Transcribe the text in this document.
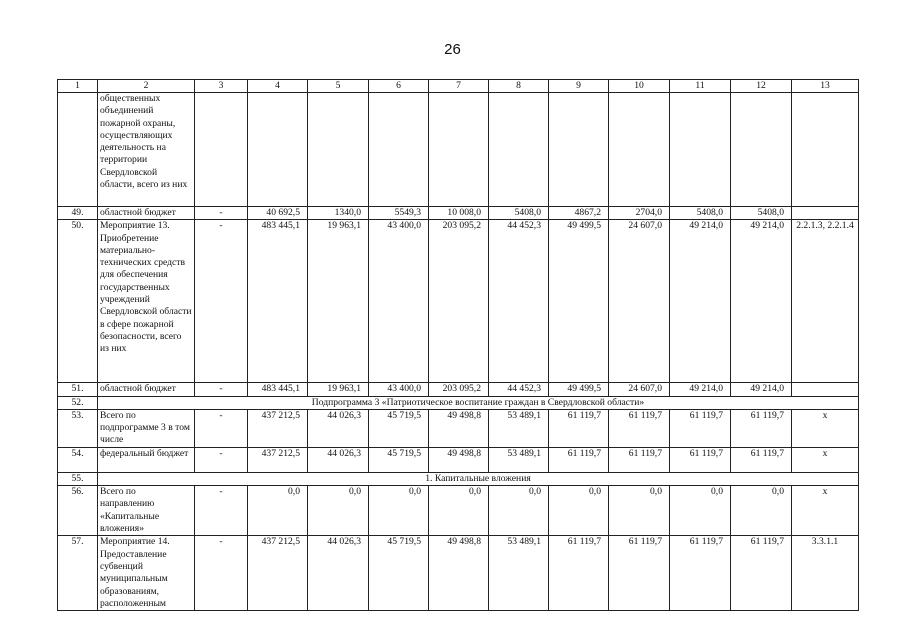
26
1	2	3	4	5	6	7	8	9	10	11	12	13
	общественных объединений пожарной охраны, осуществляющих деятельность на территории Свердловской области, всего из них											
49.	областной бюджет	-	40 692,5	1340,0	5549,3	10 008,0	5408,0	4867,2	2704,0	5408,0	5408,0	
50.	Мероприятие 13. Приобретение материально-технических средств для обеспечения государственных учреждений Свердловской области в сфере пожарной безопасности, всего из них	-	483 445,1	19 963,1	43 400,0	203 095,2	44 452,3	49 499,5	24 607,0	49 214,0	49 214,0	2.2.1.3, 2.2.1.4
51.	областной бюджет	-	483 445,1	19 963,1	43 400,0	203 095,2	44 452,3	49 499,5	24 607,0	49 214,0	49 214,0	
52.	Подпрограмма 3 «Патриотическое воспитание граждан в Свердловской области»											
53.	Всего по подпрограмме 3 в том числе	-	437 212,5	44 026,3	45 719,5	49 498,8	53 489,1	61 119,7	61 119,7	61 119,7	61 119,7	x
54.	федеральный бюджет	-	437 212,5	44 026,3	45 719,5	49 498,8	53 489,1	61 119,7	61 119,7	61 119,7	61 119,7	x
55.	1. Капитальные вложения											
56.	Всего по направлению «Капитальные вложения»	-	0,0	0,0	0,0	0,0	0,0	0,0	0,0	0,0	0,0	x
57.	Мероприятие 14. Предоставление субвенций муниципальным образованиям, расположенным	-	437 212,5	44 026,3	45 719,5	49 498,8	53 489,1	61 119,7	61 119,7	61 119,7	61 119,7	3.3.1.1
